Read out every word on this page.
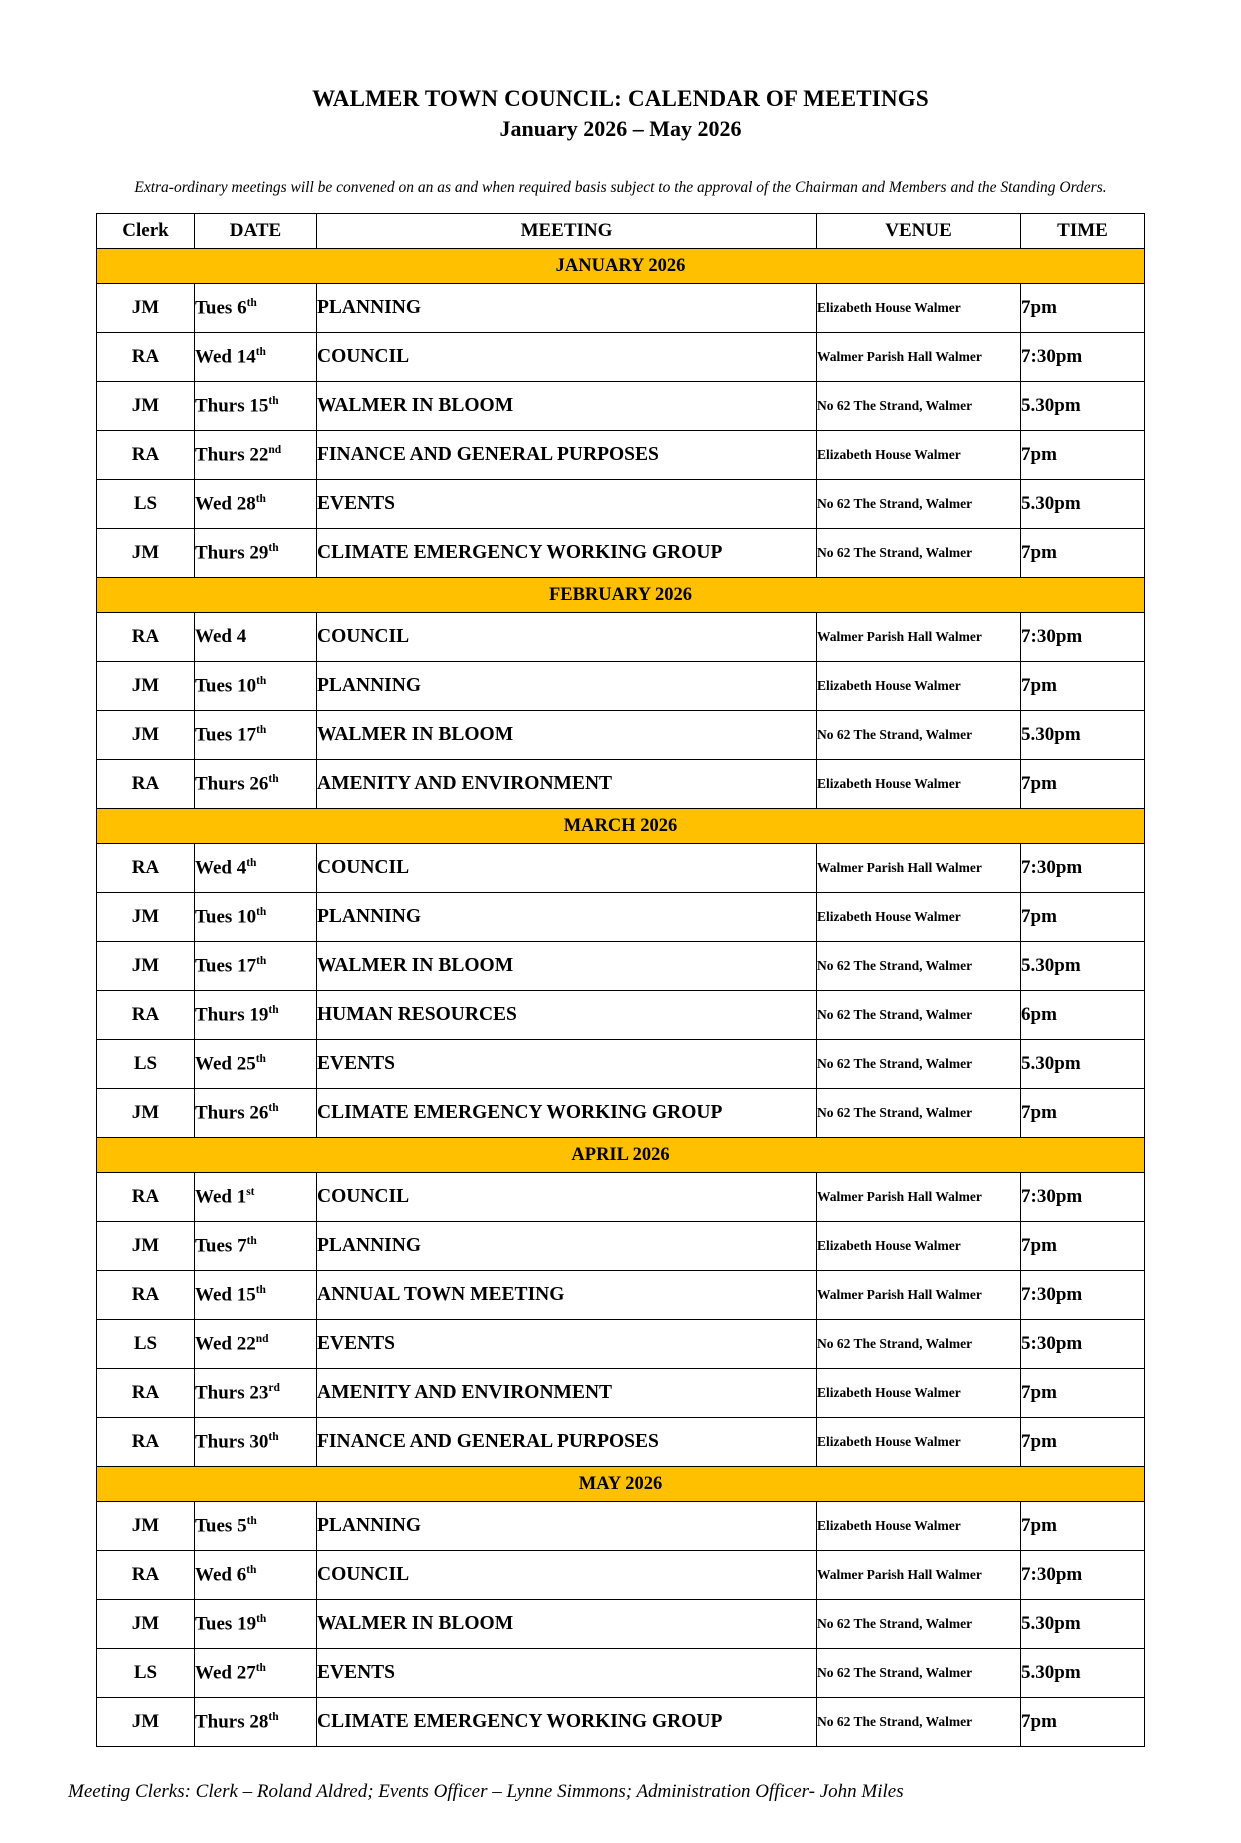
WALMER TOWN COUNCIL: CALENDAR OF MEETINGS
January 2026 – May 2026
Extra-ordinary meetings will be convened on an as and when required basis subject to the approval of the Chairman and Members and the Standing Orders.
Clerk	DATE	MEETING	VENUE	TIME
JANUARY 2026				
JM	Tues 6th	PLANNING	Elizabeth House Walmer	7pm
RA	Wed 14th	COUNCIL	Walmer Parish Hall Walmer	7:30pm
JM	Thurs 15th	WALMER IN BLOOM	No 62 The Strand, Walmer	5.30pm
RA	Thurs 22nd	FINANCE AND GENERAL PURPOSES	Elizabeth House Walmer	7pm
LS	Wed 28th	EVENTS	No 62 The Strand, Walmer	5.30pm
JM	Thurs 29th	CLIMATE EMERGENCY WORKING GROUP	No 62 The Strand, Walmer	7pm
FEBRUARY 2026				
RA	Wed 4	COUNCIL	Walmer Parish Hall Walmer	7:30pm
JM	Tues 10th	PLANNING	Elizabeth House Walmer	7pm
JM	Tues 17th	WALMER IN BLOOM	No 62 The Strand, Walmer	5.30pm
RA	Thurs 26th	AMENITY AND ENVIRONMENT	Elizabeth House Walmer	7pm
MARCH 2026				
RA	Wed 4th	COUNCIL	Walmer Parish Hall Walmer	7:30pm
JM	Tues 10th	PLANNING	Elizabeth House Walmer	7pm
JM	Tues 17th	WALMER IN BLOOM	No 62 The Strand, Walmer	5.30pm
RA	Thurs 19th	HUMAN RESOURCES	No 62 The Strand, Walmer	6pm
LS	Wed 25th	EVENTS	No 62 The Strand, Walmer	5.30pm
JM	Thurs 26th	CLIMATE EMERGENCY WORKING GROUP	No 62 The Strand, Walmer	7pm
APRIL 2026				
RA	Wed 1st	COUNCIL	Walmer Parish Hall Walmer	7:30pm
JM	Tues 7th	PLANNING	Elizabeth House Walmer	7pm
RA	Wed 15th	ANNUAL TOWN MEETING	Walmer Parish Hall Walmer	7:30pm
LS	Wed 22nd	EVENTS	No 62 The Strand, Walmer	5:30pm
RA	Thurs 23rd	AMENITY AND ENVIRONMENT	Elizabeth House Walmer	7pm
RA	Thurs 30th	FINANCE AND GENERAL PURPOSES	Elizabeth House Walmer	7pm
MAY 2026				
JM	Tues 5th	PLANNING	Elizabeth House Walmer	7pm
RA	Wed 6th	COUNCIL	Walmer Parish Hall Walmer	7:30pm
JM	Tues 19th	WALMER IN BLOOM	No 62 The Strand, Walmer	5.30pm
LS	Wed 27th	EVENTS	No 62 The Strand, Walmer	5.30pm
JM	Thurs 28th	CLIMATE EMERGENCY WORKING GROUP	No 62 The Strand, Walmer	7pm
Meeting Clerks: Clerk – Roland Aldred; Events Officer – Lynne Simmons; Administration Officer- John Miles
